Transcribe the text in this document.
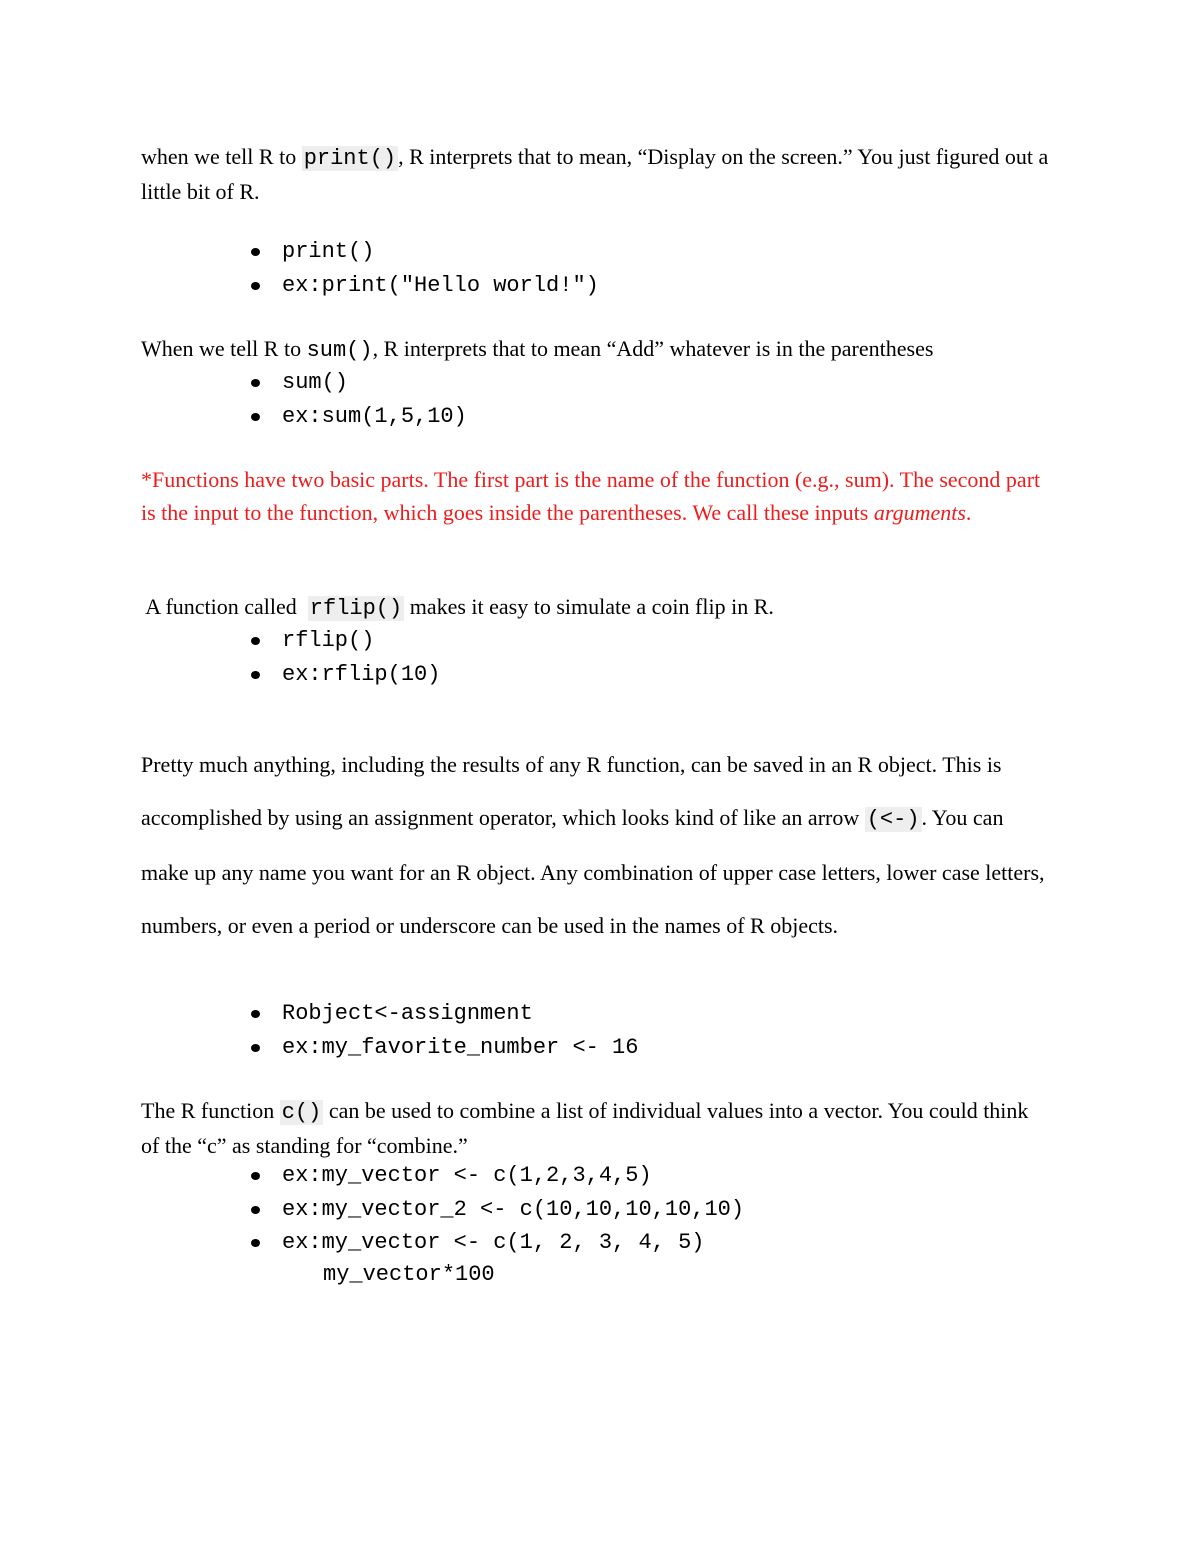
when we tell R to print(), R interprets that to mean, “Display on the screen.” You just figured out a little bit of R.
print()
ex:print("Hello world!")
When we tell R to sum(), R interprets that to mean “Add” whatever is in the parentheses
sum()
ex:sum(1,5,10)
*Functions have two basic parts. The first part is the name of the function (e.g., sum). The second part is the input to the function, which goes inside the parentheses. We call these inputs arguments.
A function called  rflip() makes it easy to simulate a coin flip in R.
rflip()
ex:rflip(10)
Pretty much anything, including the results of any R function, can be saved in an R object. This is accomplished by using an assignment operator, which looks kind of like an arrow (<-). You can make up any name you want for an R object. Any combination of upper case letters, lower case letters, numbers, or even a period or underscore can be used in the names of R objects.
Robject<-assignment
ex:my_favorite_number <- 16
The R function c() can be used to combine a list of individual values into a vector. You could think of the “c” as standing for “combine.”
ex:my_vector <- c(1,2,3,4,5)
ex:my_vector_2 <- c(10,10,10,10,10)
ex:my_vector <- c(1, 2, 3, 4, 5)
my_vector*100
